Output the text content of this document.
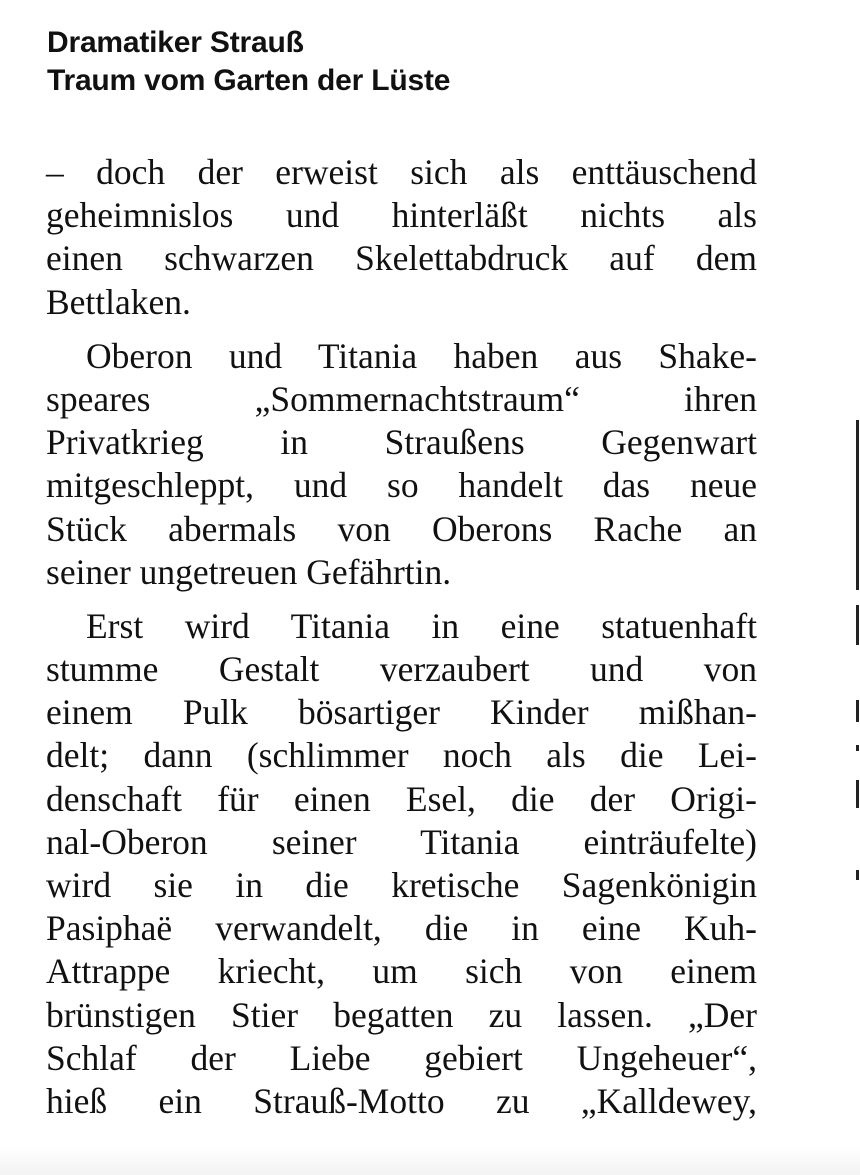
Dramatiker Strauß
Traum vom Garten der Lüste
– doch der erweist sich als enttäuschend
geheimnislos und hinterläßt nichts als
einen schwarzen Skelettabdruck auf dem
Bettlaken.
Oberon und Titania haben aus Shake-
speares „Sommernachtstraum“ ihren
Privatkrieg in Straußens Gegenwart
mitgeschleppt, und so handelt das neue
Stück abermals von Oberons Rache an
seiner ungetreuen Gefährtin.
Erst wird Titania in eine statuenhaft
stumme Gestalt verzaubert und von
einem Pulk bösartiger Kinder mißhan-
delt; dann (schlimmer noch als die Lei-
denschaft für einen Esel, die der Origi-
nal-Oberon seiner Titania einträufelte)
wird sie in die kretische Sagenkönigin
Pasiphaë verwandelt, die in eine Kuh-
Attrappe kriecht, um sich von einem
brünstigen Stier begatten zu lassen. „Der
Schlaf der Liebe gebiert Ungeheuer“,
hieß ein Strauß-Motto zu „Kalldewey,
